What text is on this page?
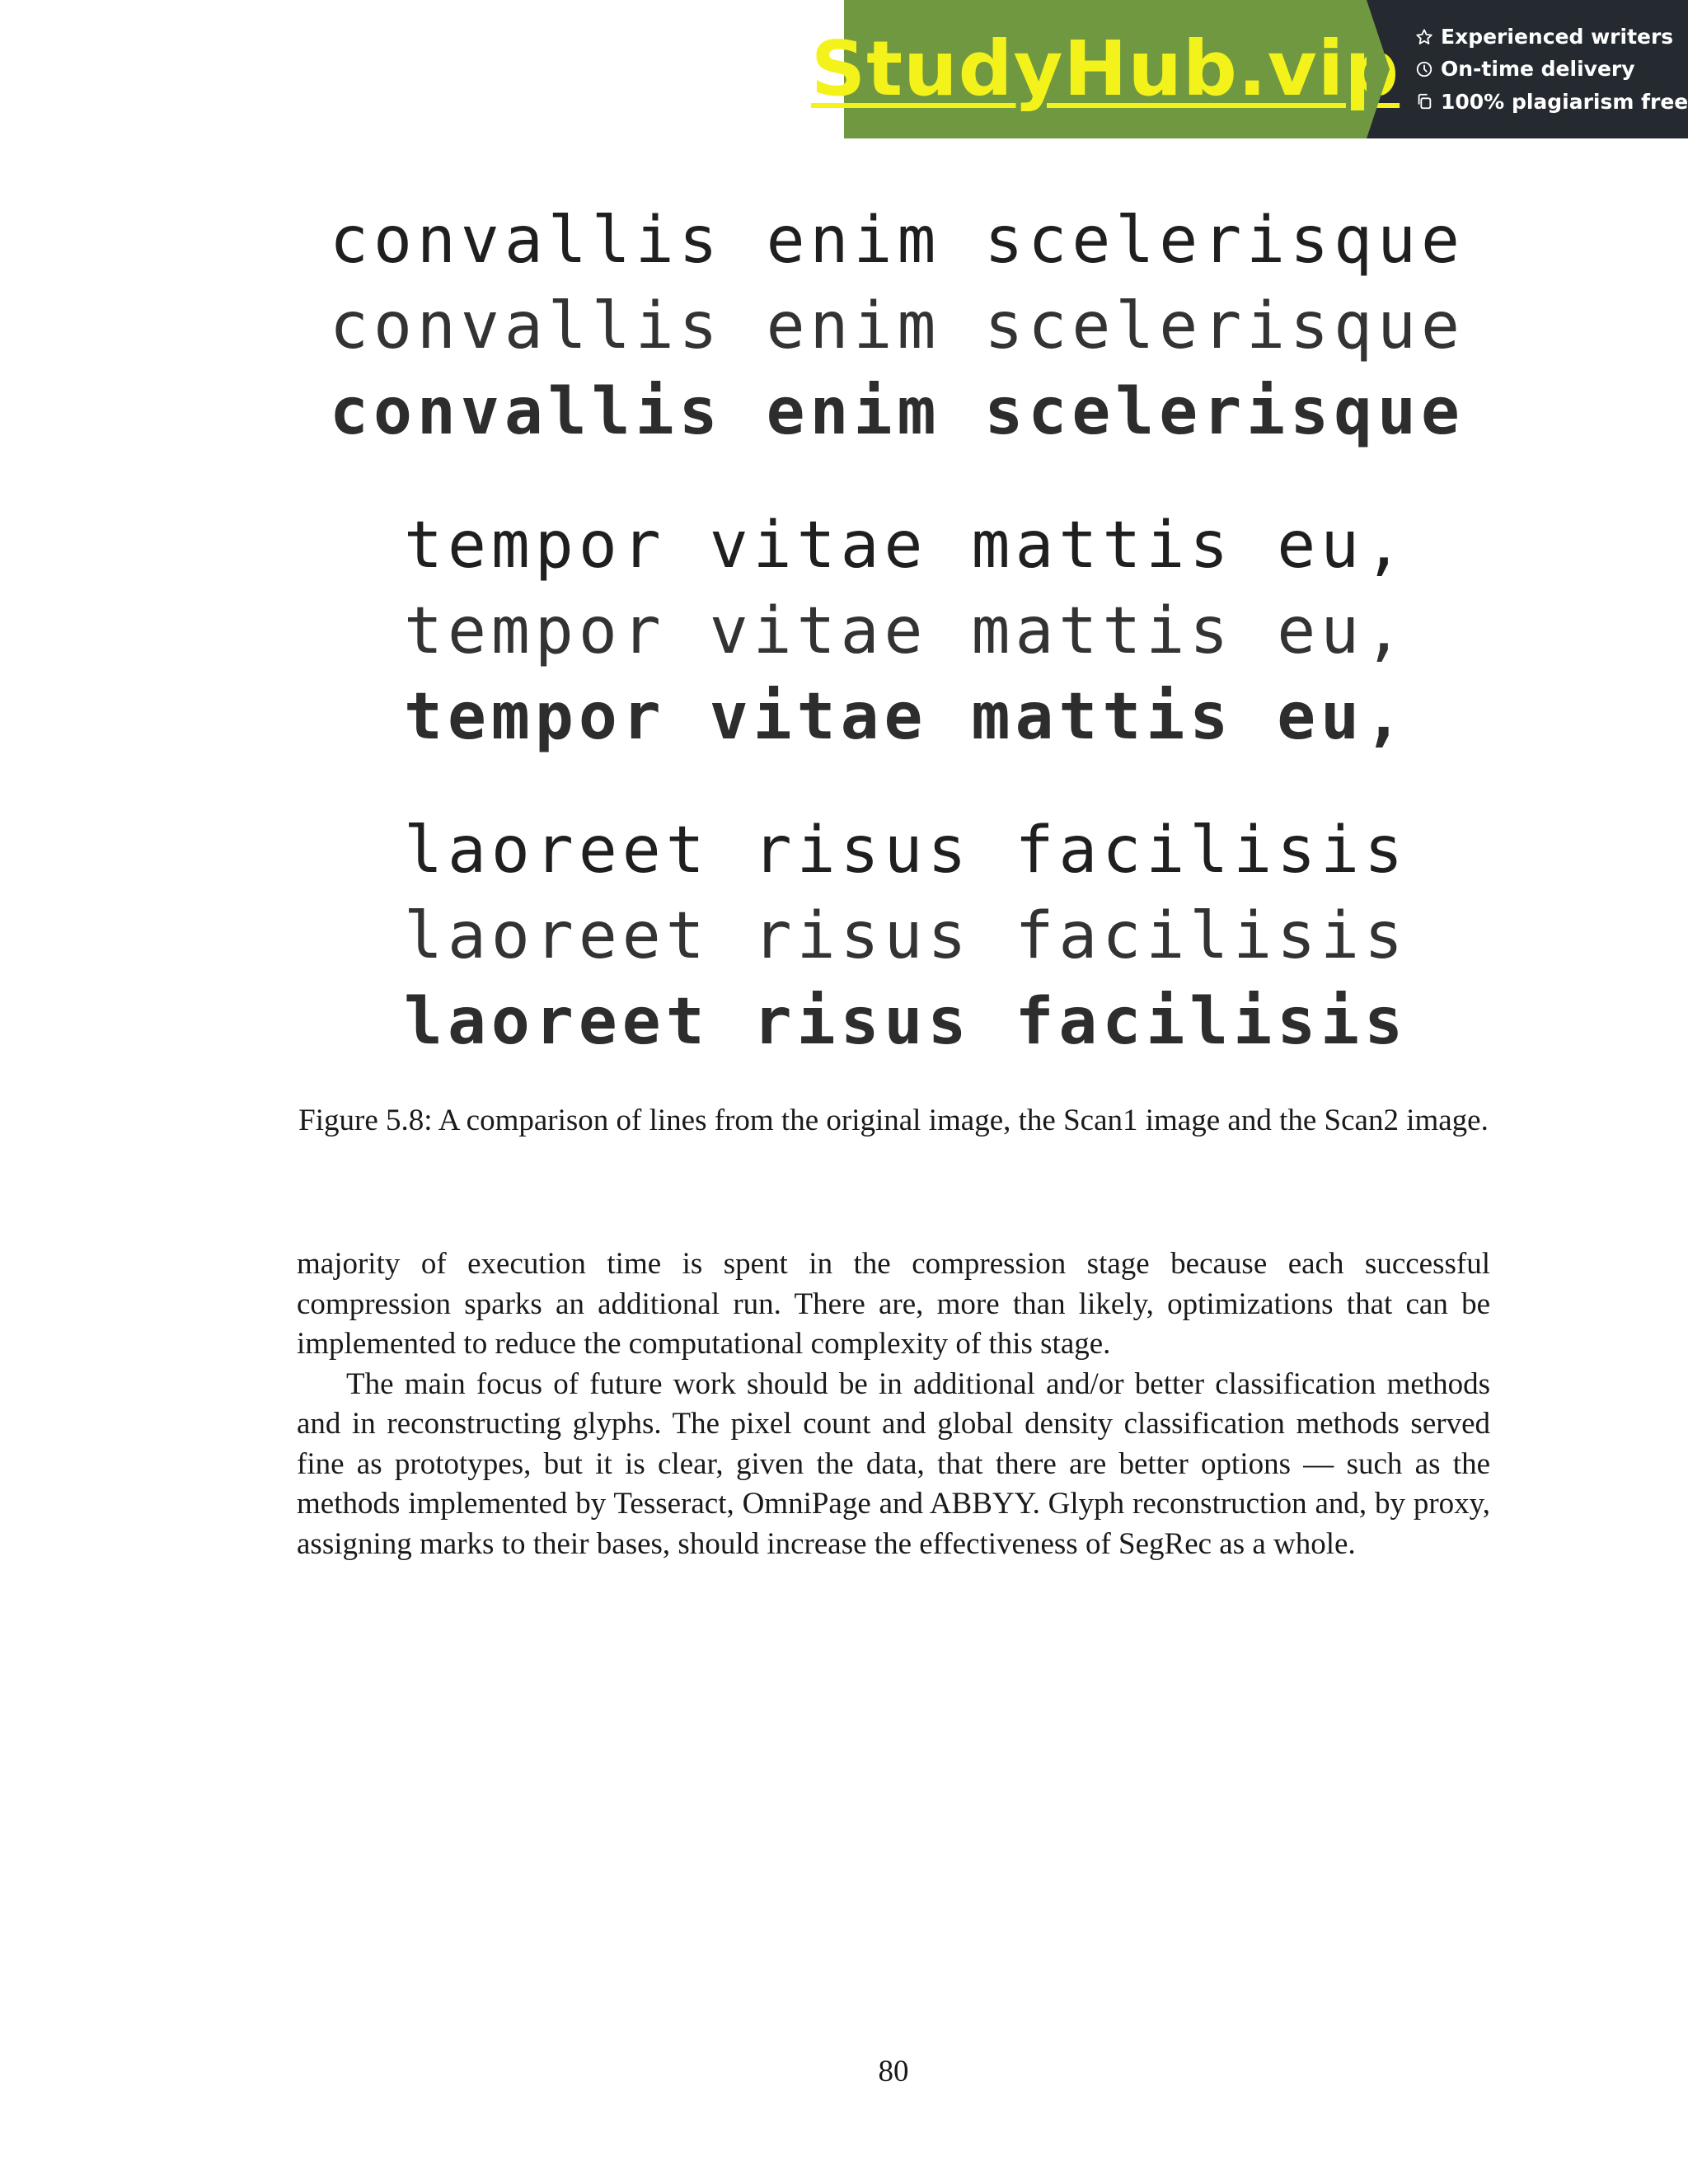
StudyHub.vip Experienced writers
On-time delivery
100% plagiarism free
convallis enim scelerisque
convallis enim scelerisque
convallis enim scelerisque
tempor vitae mattis eu,
tempor vitae mattis eu,
tempor vitae mattis eu,
laoreet risus facilisis
laoreet risus facilisis
laoreet risus facilisis
Figure 5.8: A comparison of lines from the original image, the Scan1 image and the Scan2 image.

majority of execution time is spent in the compression stage because each successful compression sparks an additional run. There are, more than likely, optimizations that can be implemented to reduce the computational complexity of this stage.

The main focus of future work should be in additional and/or better classification methods and in reconstructing glyphs. The pixel count and global density classification methods served fine as prototypes, but it is clear, given the data, that there are better options — such as the methods implemented by Tesseract, OmniPage and ABBYY. Glyph reconstruction and, by proxy, assigning marks to their bases, should increase the effectiveness of SegRec as a whole.

80
